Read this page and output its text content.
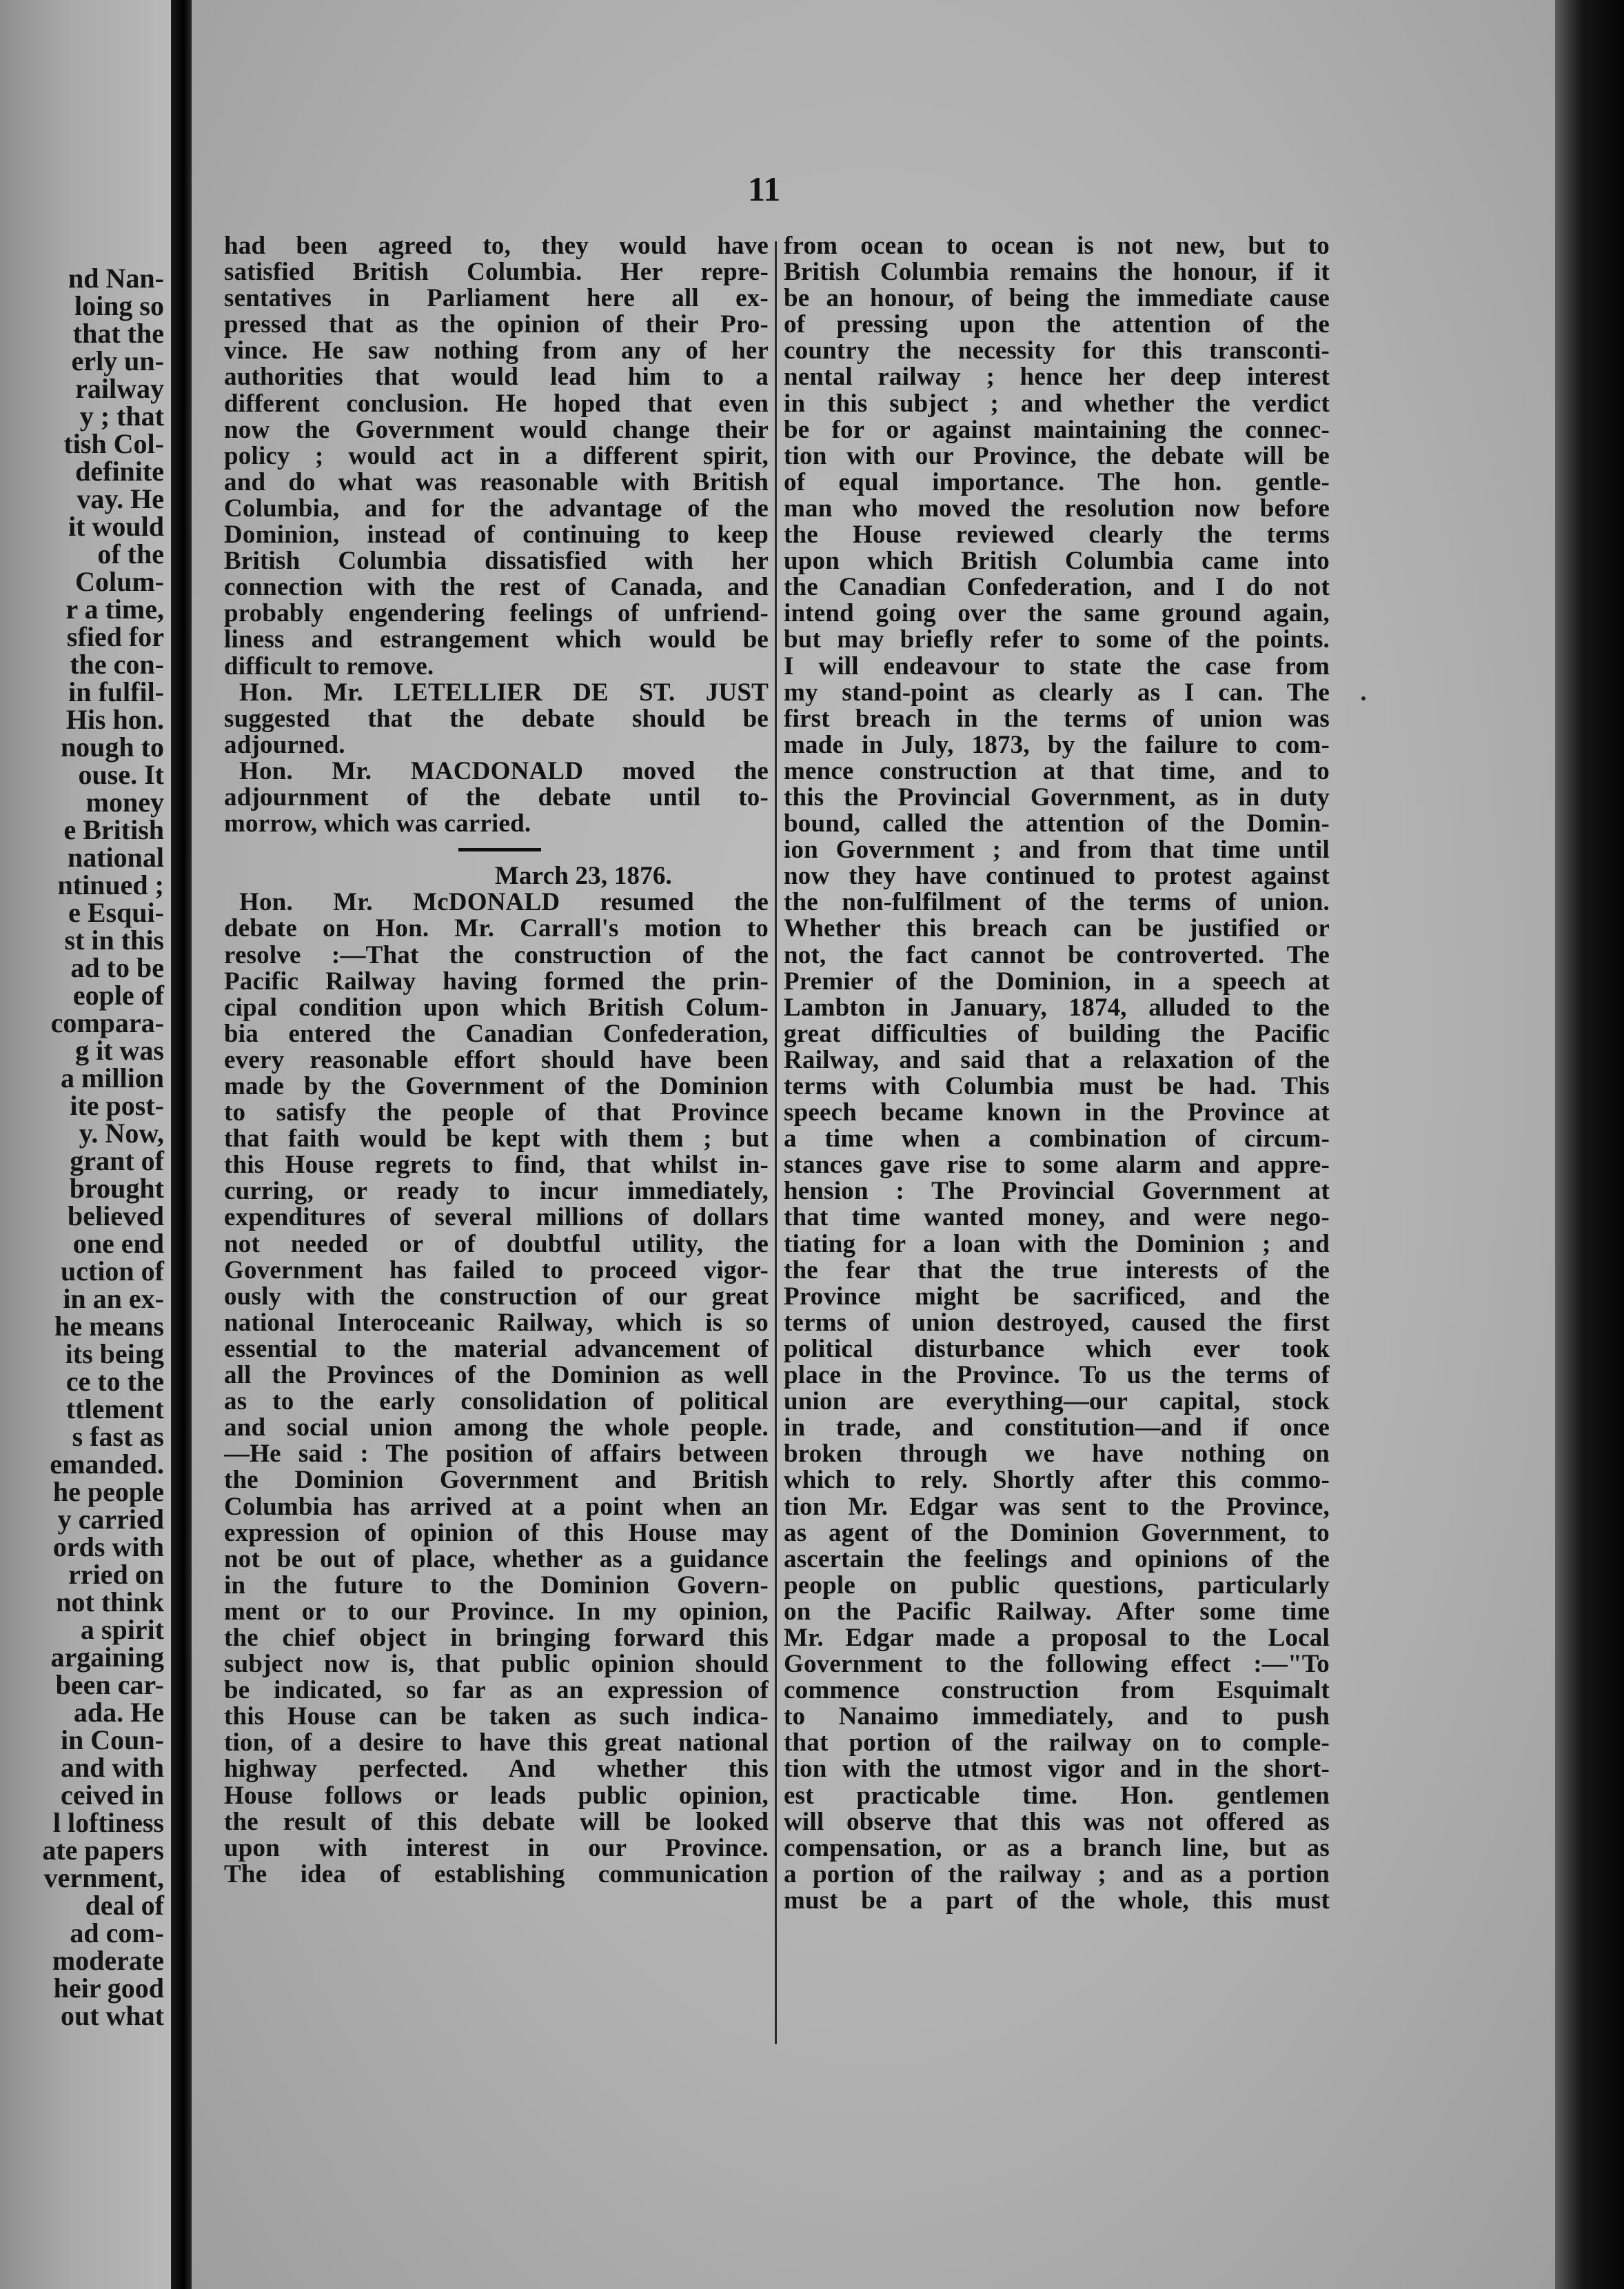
nd Nan-
loing so
that the
erly un-
railway
y ; that
tish Col-
definite
vay. He
it would
of the
Colum-
r a time,
sfied for
the con-
in fulfil-
His hon.
nough to
ouse. It
money
e British
national
ntinued ;
e Esqui-
st in this
ad to be
eople of
compara-
g it was
a million
ite post-
y. Now,
grant of
brought
believed
one end
uction of
in an ex-
he means
its being
ce to the
ttlement
s fast as
emanded.
he people
y carried
ords with
rried on
not think
a spirit
argaining
been car-
ada. He
in Coun-
and with
ceived in
l loftiness
ate papers
vernment,
deal of
ad com-
moderate
heir good
out what
11
had been agreed to, they would have
satisfied British Columbia. Her repre-
sentatives in Parliament here all ex-
pressed that as the opinion of their Pro-
vince. He saw nothing from any of her
authorities that would lead him to a
different conclusion. He hoped that even
now the Government would change their
policy ; would act in a different spirit,
and do what was reasonable with British
Columbia, and for the advantage of the
Dominion, instead of continuing to keep
British Columbia dissatisfied with her
connection with the rest of Canada, and
probably engendering feelings of unfriend-
liness and estrangement which would be
difficult to remove.
Hon. Mr. LETELLIER DE ST. JUST
suggested that the debate should be
adjourned.
Hon. Mr. MACDONALD moved the
adjournment of the debate until to-
morrow, which was carried.
March 23, 1876.
Hon. Mr. McDONALD resumed the
debate on Hon. Mr. Carrall's motion to
resolve :—That the construction of the
Pacific Railway having formed the prin-
cipal condition upon which British Colum-
bia entered the Canadian Confederation,
every reasonable effort should have been
made by the Government of the Dominion
to satisfy the people of that Province
that faith would be kept with them ; but
this House regrets to find, that whilst in-
curring, or ready to incur immediately,
expenditures of several millions of dollars
not needed or of doubtful utility, the
Government has failed to proceed vigor-
ously with the construction of our great
national Interoceanic Railway, which is so
essential to the material advancement of
all the Provinces of the Dominion as well
as to the early consolidation of political
and social union among the whole people.
—He said : The position of affairs between
the Dominion Government and British
Columbia has arrived at a point when an
expression of opinion of this House may
not be out of place, whether as a guidance
in the future to the Dominion Govern-
ment or to our Province. In my opinion,
the chief object in bringing forward this
subject now is, that public opinion should
be indicated, so far as an expression of
this House can be taken as such indica-
tion, of a desire to have this great national
highway perfected. And whether this
House follows or leads public opinion,
the result of this debate will be looked
upon with interest in our Province.
The idea of establishing communication
from ocean to ocean is not new, but to
British Columbia remains the honour, if it
be an honour, of being the immediate cause
of pressing upon the attention of the
country the necessity for this transconti-
nental railway ; hence her deep interest
in this subject ; and whether the verdict
be for or against maintaining the connec-
tion with our Province, the debate will be
of equal importance. The hon. gentle-
man who moved the resolution now before
the House reviewed clearly the terms
upon which British Columbia came into
the Canadian Confederation, and I do not
intend going over the same ground again,
but may briefly refer to some of the points.
I will endeavour to state the case from
my stand-point as clearly as I can. The
first breach in the terms of union was
made in July, 1873, by the failure to com-
mence construction at that time, and to
this the Provincial Government, as in duty
bound, called the attention of the Domin-
ion Government ; and from that time until
now they have continued to protest against
the non-fulfilment of the terms of union.
Whether this breach can be justified or
not, the fact cannot be controverted. The
Premier of the Dominion, in a speech at
Lambton in January, 1874, alluded to the
great difficulties of building the Pacific
Railway, and said that a relaxation of the
terms with Columbia must be had. This
speech became known in the Province at
a time when a combination of circum-
stances gave rise to some alarm and appre-
hension : The Provincial Government at
that time wanted money, and were nego-
tiating for a loan with the Dominion ; and
the fear that the true interests of the
Province might be sacrificed, and the
terms of union destroyed, caused the first
political disturbance which ever took
place in the Province. To us the terms of
union are everything—our capital, stock
in trade, and constitution—and if once
broken through we have nothing on
which to rely. Shortly after this commo-
tion Mr. Edgar was sent to the Province,
as agent of the Dominion Government, to
ascertain the feelings and opinions of the
people on public questions, particularly
on the Pacific Railway. After some time
Mr. Edgar made a proposal to the Local
Government to the following effect :—"To
commence construction from Esquimalt
to Nanaimo immediately, and to push
that portion of the railway on to comple-
tion with the utmost vigor and in the short-
est practicable time. Hon. gentlemen
will observe that this was not offered as
compensation, or as a branch line, but as
a portion of the railway ; and as a portion
must be a part of the whole, this must
